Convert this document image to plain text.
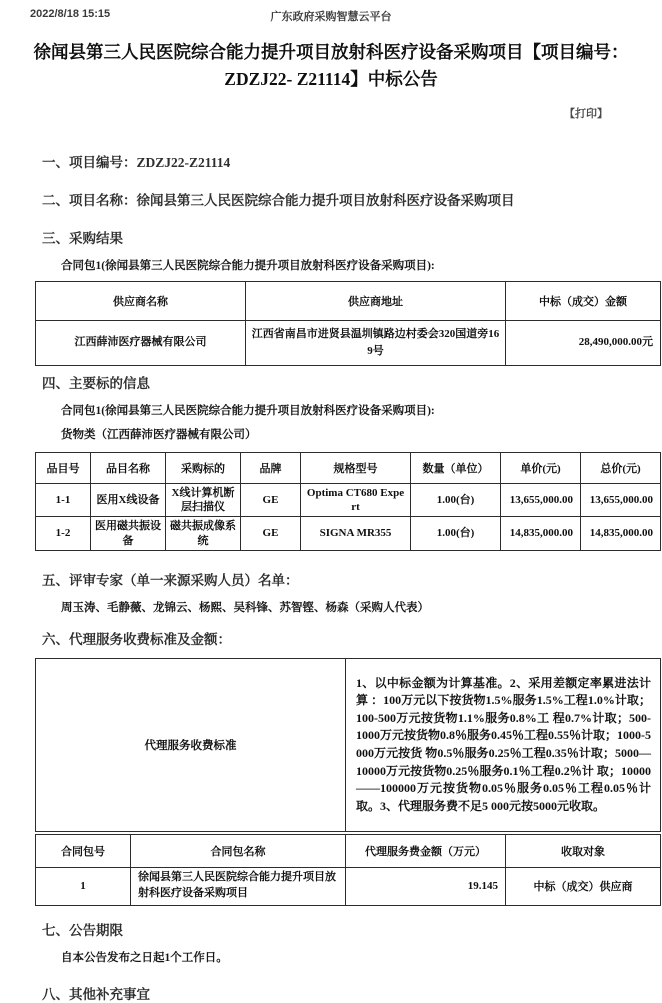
2022/8/18 15:15	广东政府采购智慧云平台
徐闻县第三人民医院综合能力提升项目放射科医疗设备采购项目【项目编号：ZDZJ22- Z21114】中标公告
【打印】
一、项目编号：ZDZJ22-Z21114
二、项目名称：徐闻县第三人民医院综合能力提升项目放射科医疗设备采购项目
三、采购结果
合同包1(徐闻县第三人民医院综合能力提升项目放射科医疗设备采购项目):
供应商名称	供应商地址	中标（成交）金额
江西薛沛医疗器械有限公司	江西省南昌市进贤县温圳镇路边村委会320国道旁169号	28,490,000.00元
四、主要标的信息
合同包1(徐闻县第三人民医院综合能力提升项目放射科医疗设备采购项目):
货物类（江西薛沛医疗器械有限公司）
品目号	品目名称	采购标的	品牌	规格型号	数量（单位）	单价(元)	总价(元)
1-1	医用X线设备	X线计算机断层扫描仪	GE	Optima CT680 Expert	1.00(台)	13,655,000.00	13,655,000.00
1-2	医用磁共振设备	磁共振成像系统	GE	SIGNA MR355	1.00(台)	14,835,000.00	14,835,000.00
五、评审专家（单一来源采购人员）名单：
周玉涛、毛静薇、龙锦云、杨熙、吴科锋、苏智铿、杨森（采购人代表）
六、代理服务收费标准及金额：
代理服务收费标准	1、以中标金额为计算基准。2、采用差额定率累进法计算 ：100万元以下按货物1.5%服务1.5%工程1.0%计取；100-500万元按货物1.1%服务0.8%工 程0.7%计取；500-1000万元按货物0.8％服务0.45％工程0.55％计取；1000-5000万元按货 物0.5％服务0.25％工程0.35％计取；5000—10000万元按货物0.25％服务0.1％工程0.2％计 取；10000——100000万元按货物0.05％服务0.05％工程0.05％计取。3、代理服务费不足5 000元按5000元收取。
合同包号	合同包名称	代理服务费金额（万元）	收取对象
1	徐闻县第三人民医院综合能力提升项目放射科医疗设备采购项目	19.145	中标（成交）供应商
七、公告期限
自本公告发布之日起1个工作日。
八、其他补充事宜
